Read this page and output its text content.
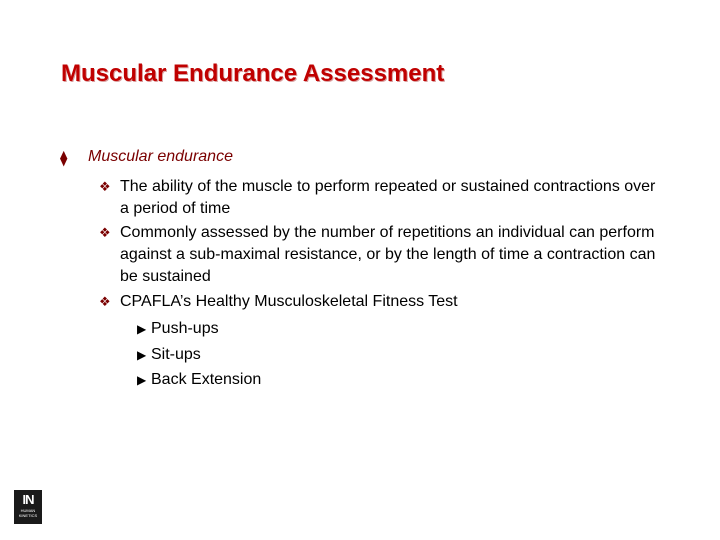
Muscular Endurance Assessment
⧫ Muscular endurance
❖ The ability of the muscle to perform repeated or sustained contractions over a period of time
❖ Commonly assessed by the number of repetitions an individual can perform against a sub-maximal resistance, or by the length of time a contraction can be sustained
❖ CPAFLA’s Healthy Musculoskeletal Fitness Test
▶ Push-ups
▶ Sit-ups
▶ Back Extension
IN
HUMAN
KINETICS
